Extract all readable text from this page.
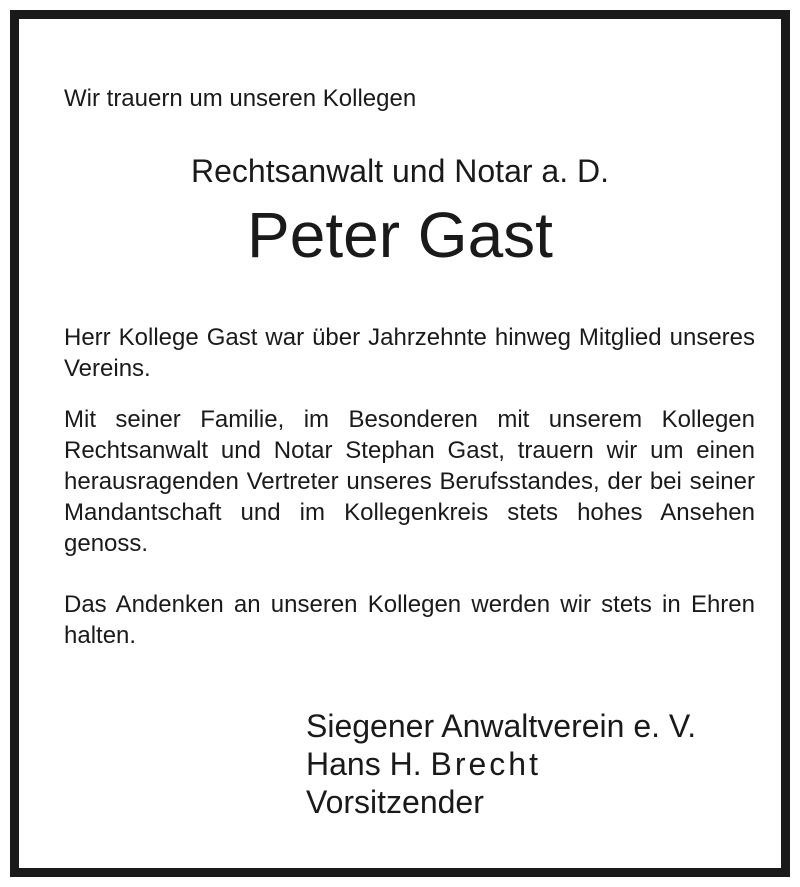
Wir trauern um unseren Kollegen
Rechtsanwalt und Notar a. D.
Peter Gast

Herr Kollege Gast war über Jahrzehnte hinweg Mitglied unseres Vereins.

Mit seiner Familie, im Besonderen mit unserem Kollegen Rechtsanwalt und Notar Stephan Gast, trauern wir um einen herausragenden Vertreter unseres Berufsstandes, der bei seiner Mandantschaft und im Kollegenkreis stets hohes Ansehen genoss.

Das Andenken an unseren Kollegen werden wir stets in Ehren halten.

Siegener Anwaltverein e. V.
Hans H. Brecht
Vorsitzender
